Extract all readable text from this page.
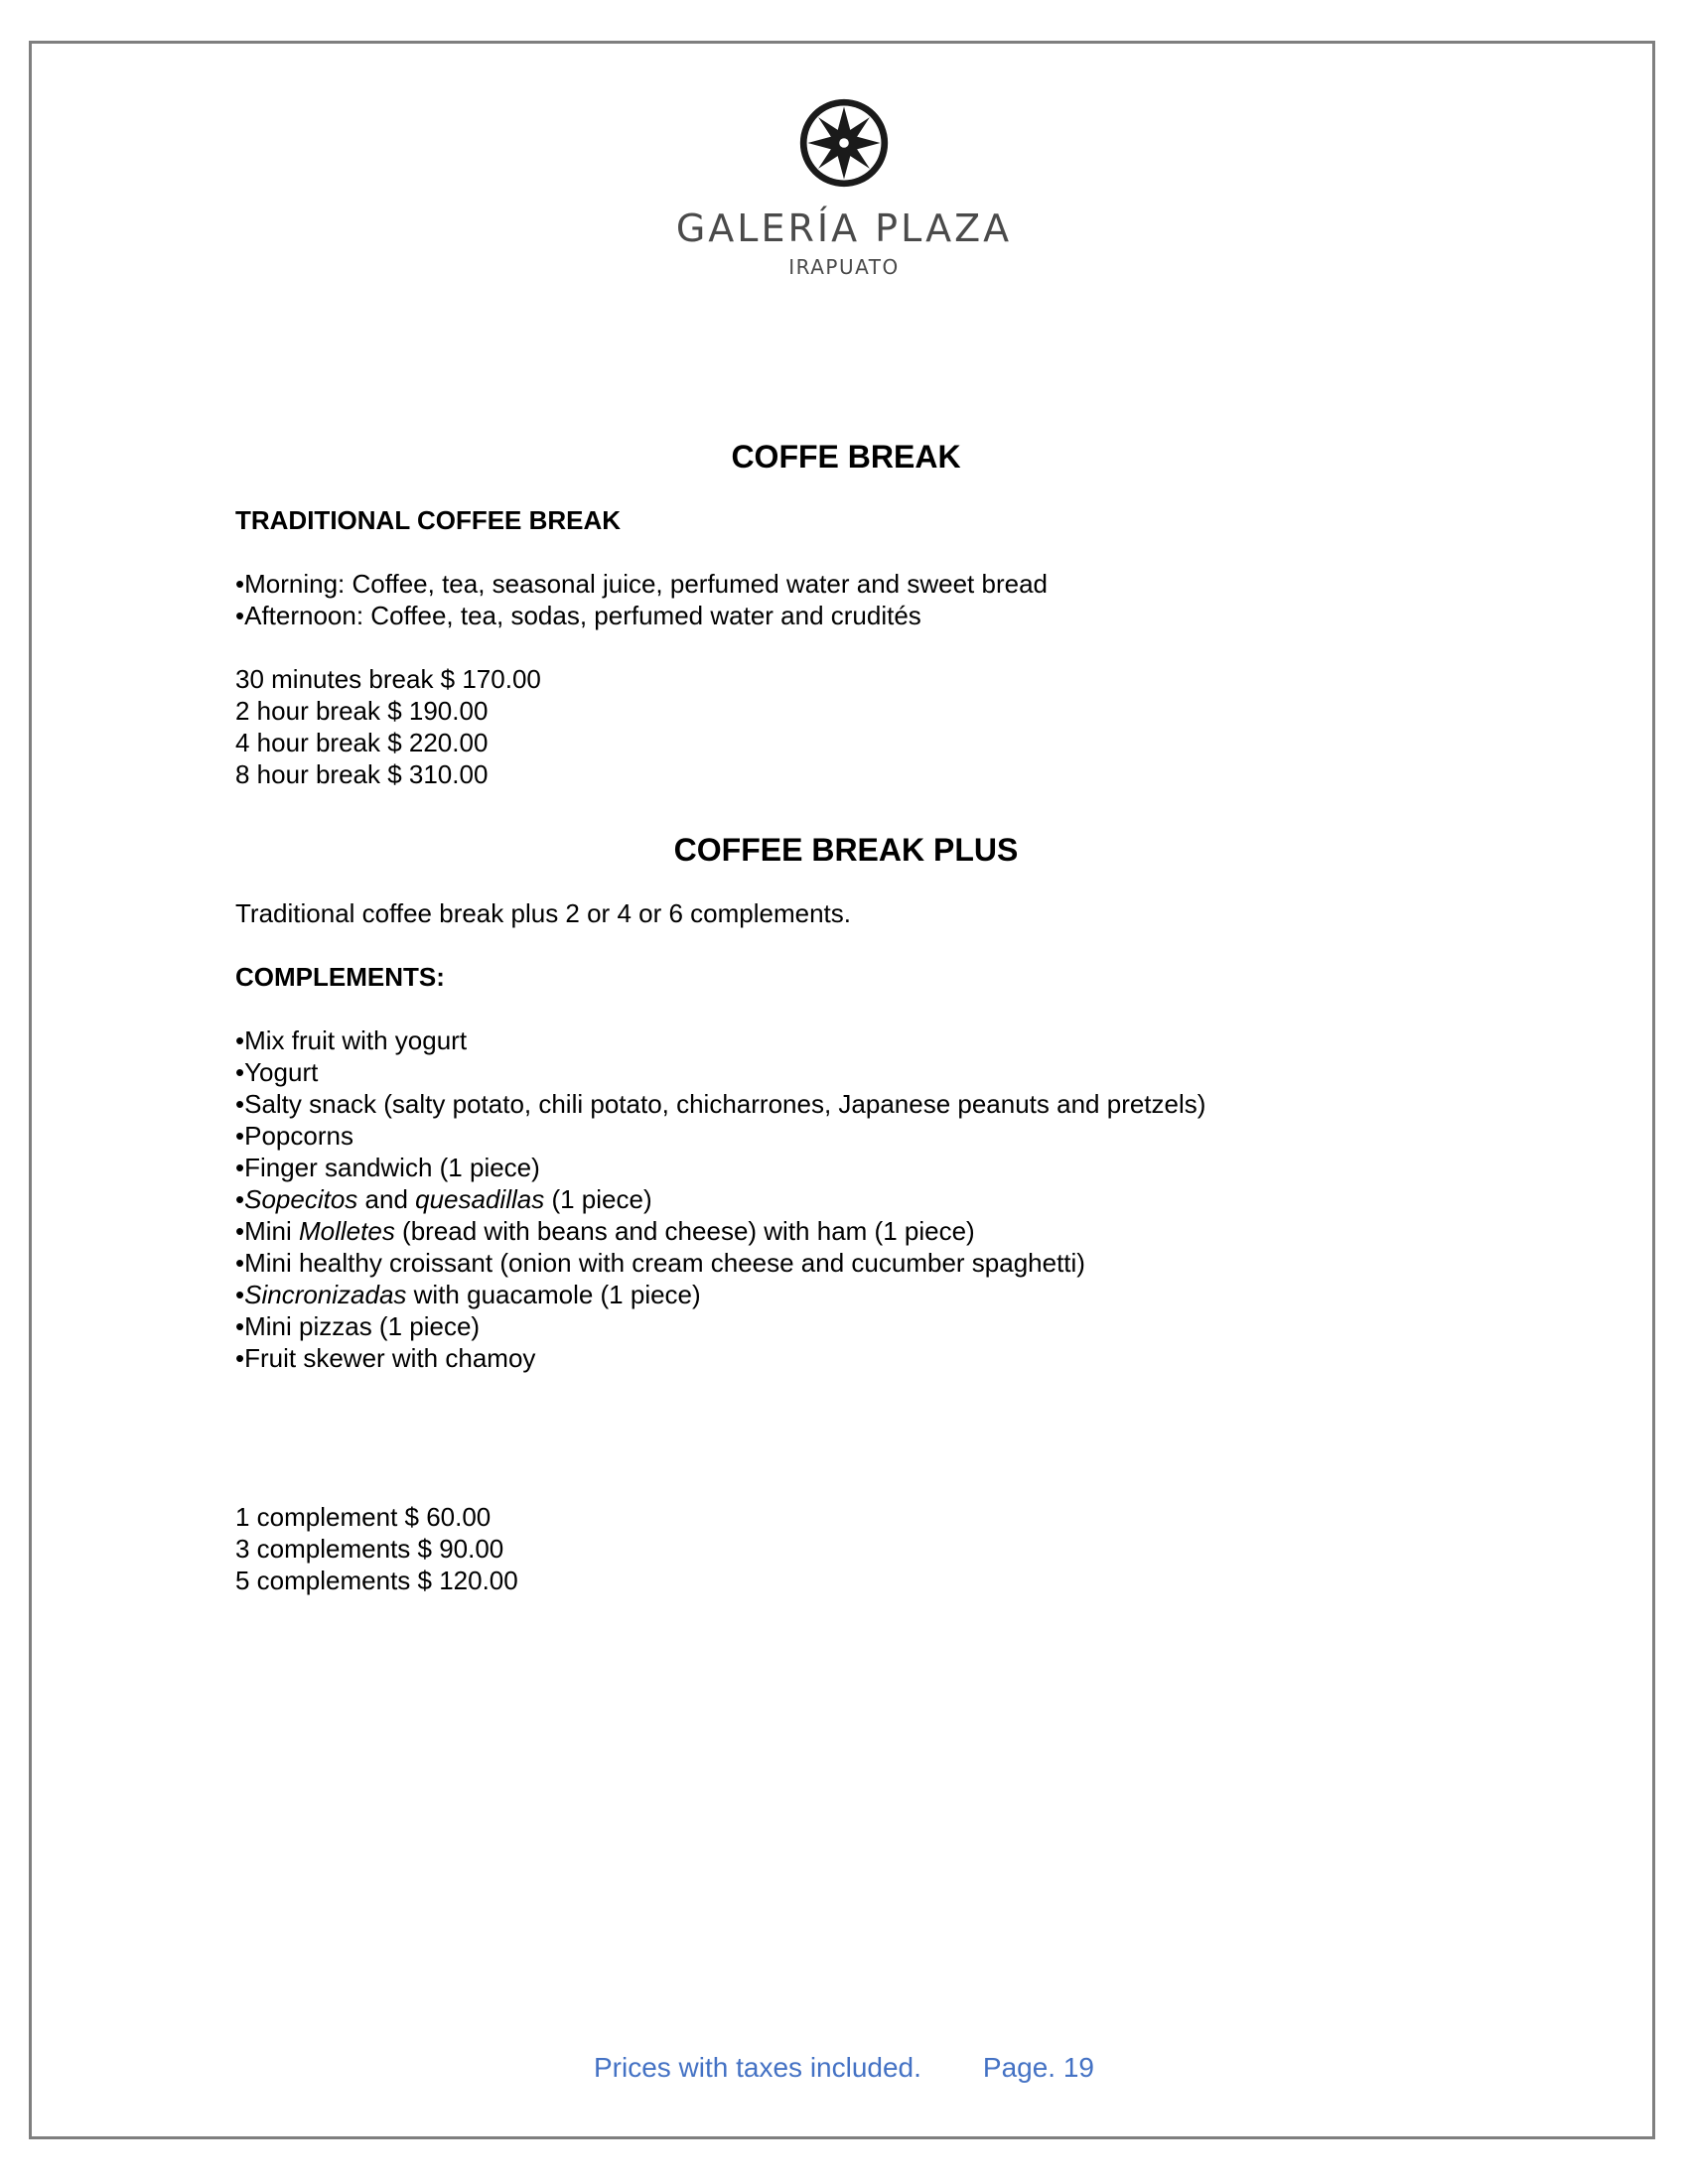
GALERÍA PLAZA
IRAPUATO
COFFE BREAK
TRADITIONAL COFFEE BREAK
•Morning: Coffee, tea, seasonal juice, perfumed water and sweet bread
•Afternoon: Coffee, tea, sodas, perfumed water and crudités
30 minutes break $ 170.00
2 hour break $ 190.00
4 hour break $ 220.00
8 hour break $ 310.00
COFFEE BREAK PLUS
Traditional coffee break plus 2 or 4 or 6 complements.
COMPLEMENTS:
•Mix fruit with yogurt
•Yogurt
•Salty snack (salty potato, chili potato, chicharrones, Japanese peanuts and pretzels)
•Popcorns
•Finger sandwich (1 piece)
•Sopecitos and quesadillas (1 piece)
•Mini Molletes (bread with beans and cheese) with ham (1 piece)
•Mini healthy croissant (onion with cream cheese and cucumber spaghetti)
•Sincronizadas with guacamole (1 piece)
•Mini pizzas (1 piece)
•Fruit skewer with chamoy
1 complement $ 60.00
3 complements $ 90.00
5 complements $ 120.00
Prices with taxes included. Page. 19
